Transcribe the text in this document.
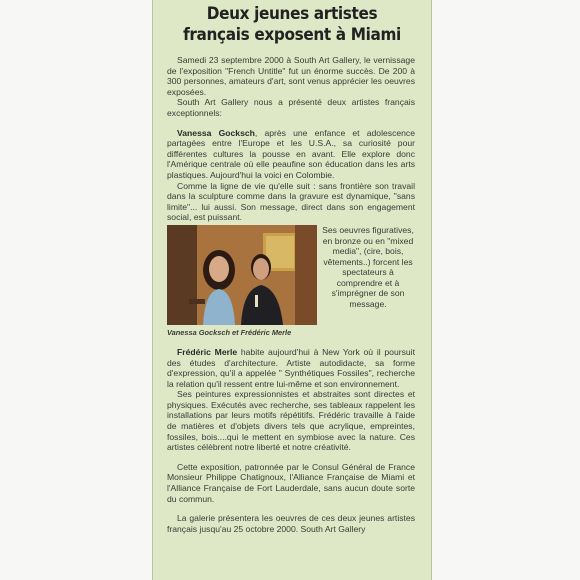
Deux jeunes artistes
français exposent à Miami

Samedi 23 septembre 2000 à South Art Gallery, le vernissage de l'exposition "French Untitle" fut un énorme succès. De 200 à 300 personnes, amateurs d'art, sont venus apprécier les oeuvres exposées.

South Art Gallery nous a présenté deux artistes français exceptionnels:

Vanessa Gocksch, après une enfance et adolescence partagées entre l'Europe et les U.S.A., sa curiosité pour différentes cultures la pousse en avant. Elle explore donc l'Amérique centrale où elle peaufine son éducation dans les arts plastiques. Aujourd'hui la voici en Colombie.

Comme la ligne de vie qu'elle suit : sans frontière son travail dans la sculpture comme dans la gravure est dynamique, "sans limite"... lui aussi. Son message, direct dans son engagement social, est puissant.

Vanessa Gocksch et Frédéric Merle

Ses oeuvres figuratives, en bronze ou en "mixed media", (cire, bois, vêtements..) forcent les spectateurs à comprendre et à s'imprégner de son message.

Frédéric Merle habite aujourd'hui à New York où il poursuit des études d'architecture. Artiste autodidacte, sa forme d'expression, qu'il a appelée " Synthétiques Fossiles", recherche la relation qu'il ressent entre lui-même et son environnement.

Ses peintures expressionnistes et abstraites sont directes et physiques. Exécutés avec recherche, ses tableaux rappelent les installations par leurs motifs répétitifs. Frédéric travaille à l'aide de matières et d'objets divers tels que acrylique, empreintes, fossiles, bois....qui le mettent en symbiose avec la nature. Ces artistes célèbrent notre liberté et notre créativité.

Cette exposition, patronnée par le Consul Général de France Monsieur Philippe Chatignoux, l'Alliance Française de Miami et l'Alliance Française de Fort Lauderdale, sans aucun doute sorte du commun.

La galerie présentera les oeuvres de ces deux jeunes artistes français jusqu'au 25 octobre 2000. South Art Gallery
